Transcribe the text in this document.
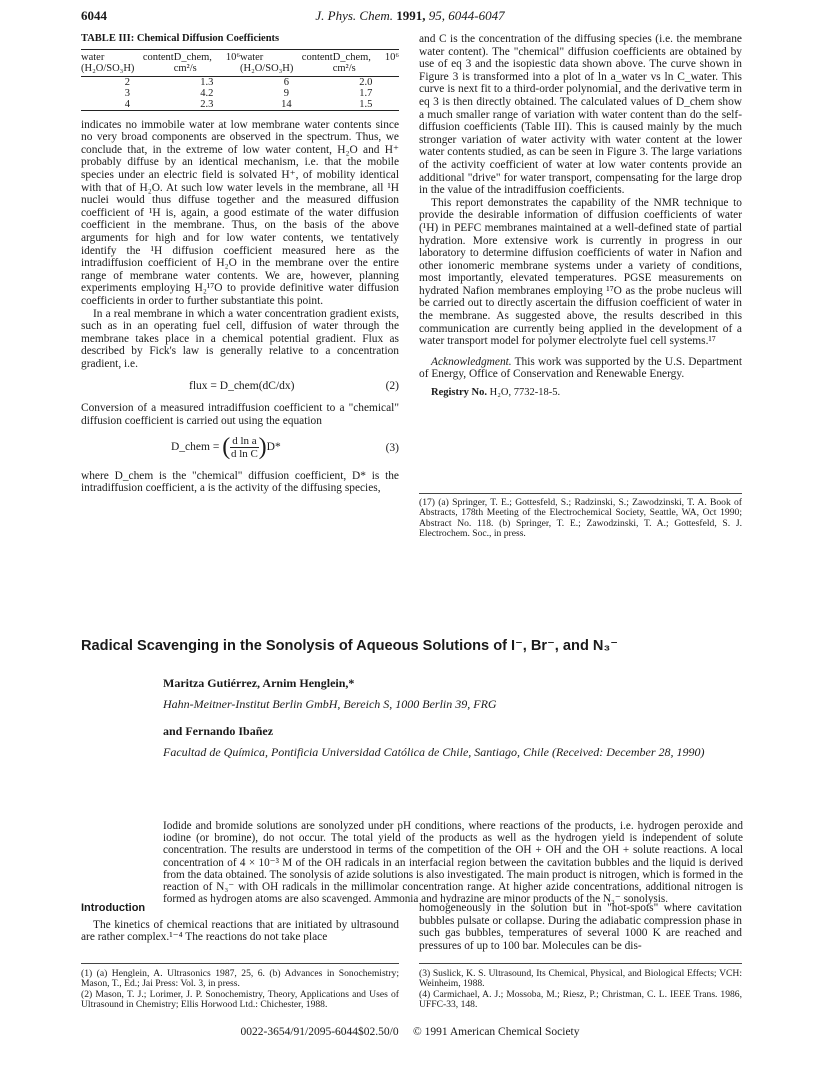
6044	J. Phys. Chem. 1991, 95, 6044-6047
TABLE III: Chemical Diffusion Coefficients
water content (H₂O/SO₃H)	D_chem, 10⁶ cm²/s	water content (H₂O/SO₃H)	D_chem, 10⁶ cm²/s
2	1.3	6	2.0
3	4.2	9	1.7
4	2.3	14	1.5

indicates no immobile water at low membrane water contents since no very broad components are observed in the spectrum. Thus, we conclude that, in the extreme of low water content, H₂O and H⁺ probably diffuse by an identical mechanism, i.e. that the mobile species under an electric field is solvated H⁺, of mobility identical with that of H₂O. At such low water levels in the membrane, all ¹H nuclei would thus diffuse together and the measured diffusion coefficient of ¹H is, again, a good estimate of the water diffusion coefficient in the membrane. Thus, on the basis of the above arguments for high and for low water contents, we tentatively identify the ¹H diffusion coefficient measured here as the intradiffusion coefficient of H₂O in the membrane over the entire range of membrane water contents. We are, however, planning experiments employing H₂¹⁷O to provide definitive water diffusion coefficients in order to further substantiate this point.

In a real membrane in which a water concentration gradient exists, such as in an operating fuel cell, diffusion of water through the membrane takes place in a chemical potential gradient. Flux as described by Fick's law is generally relative to a concentration gradient, i.e.

flux = D_chem(dC/dx)	(2)

Conversion of a measured intradiffusion coefficient to a "chemical" diffusion coefficient is carried out using the equation

D_chem = ( $\frac{\text{d ln a}}{\text{d ln C}} )D*$	(3)

where D_chem is the "chemical" diffusion coefficient, D* is the intradiffusion coefficient, a is the activity of the diffusing species,

and C is the concentration of the diffusing species (i.e. the membrane water content). The "chemical" diffusion coefficients are obtained by use of eq 3 and the isopiestic data shown above. The curve shown in Figure 3 is transformed into a plot of ln a_water vs ln C_water. This curve is next fit to a third-order polynomial, and the derivative term in eq 3 is then directly obtained. The calculated values of D_chem show a much smaller range of variation with water content than do the self-diffusion coefficients (Table III). This is caused mainly by the much stronger variation of water activity with water content at the lower water contents studied, as can be seen in Figure 3. The large variations of the activity coefficient of water at low water contents provide an additional "drive" for water transport, compensating for the large drop in the value of the intradiffusion coefficients.

This report demonstrates the capability of the NMR technique to provide the desirable information of diffusion coefficients of water (¹H) in PEFC membranes maintained at a well-defined state of partial hydration. More extensive work is currently in progress in our laboratory to determine diffusion coefficients of water in Nafion and other ionomeric membrane systems under a variety of conditions, most importantly, elevated temperatures. PGSE measurements on hydrated Nafion membranes employing ¹⁷O as the probe nucleus will be carried out to directly ascertain the diffusion coefficient of water in the membrane. As suggested above, the results described in this communication are currently being applied in the development of a water transport model for polymer electrolyte fuel cell systems.¹⁷

Acknowledgment. This work was supported by the U.S. Department of Energy, Office of Conservation and Renewable Energy.

Registry No. H₂O, 7732-18-5.

(17) (a) Springer, T. E.; Gottesfeld, S.; Radzinski, S.; Zawodzinski, T. A. Book of Abstracts, 178th Meeting of the Electrochemical Society, Seattle, WA, Oct 1990; Abstract No. 118. (b) Springer, T. E.; Zawodzinski, T. A.; Gottesfeld, S. J. Electrochem. Soc., in press.
Radical Scavenging in the Sonolysis of Aqueous Solutions of I⁻, Br⁻, and N₃⁻
Maritza Gutiérrez, Arnim Henglein,*
Hahn-Meitner-Institut Berlin GmbH, Bereich S, 1000 Berlin 39, FRG
and Fernando Ibañez
Facultad de Química, Pontificia Universidad Católica de Chile, Santiago, Chile (Received: December 28, 1990)
Iodide and bromide solutions are sonolyzed under pH conditions, where reactions of the products, i.e. hydrogen peroxide and iodine (or bromine), do not occur. The total yield of the products as well as the hydrogen yield is independent of solute concentration. The results are understood in terms of the competition of the OH + OH and the OH + solute reactions. A local concentration of 4 × 10⁻³ M of the OH radicals in an interfacial region between the cavitation bubbles and the liquid is derived from the data obtained. The sonolysis of azide solutions is also investigated. The main product is nitrogen, which is formed in the reaction of N₃⁻ with OH radicals in the millimolar concentration range. At higher azide concentrations, additional nitrogen is formed as hydrogen atoms are also scavenged. Ammonia and hydrazine are minor products of the N₃⁻ sonolysis.
Introduction

The kinetics of chemical reactions that are initiated by ultrasound are rather complex.¹⁻⁴ The reactions do not take place

homogeneously in the solution but in "hot-spots" where cavitation bubbles pulsate or collapse. During the adiabatic compression phase in such gas bubbles, temperatures of several 1000 K are reached and pressures of up to 100 bar. Molecules can be dis-

(1) (a) Henglein, A. Ultrasonics 1987, 25, 6. (b) Advances in Sonochemistry; Mason, T., Ed.; Jai Press: Vol. 3, in press.
(2) Mason, T. J.; Lorimer, J. P. Sonochemistry, Theory, Applications and Uses of Ultrasound in Chemistry; Ellis Horwood Ltd.: Chichester, 1988.
(3) Suslick, K. S. Ultrasound, Its Chemical, Physical, and Biological Effects; VCH: Weinheim, 1988.
(4) Carmichael, A. J.; Mossoba, M.; Riesz, P.; Christman, C. L. IEEE Trans. 1986, UFFC-33, 148.
0022-3654/91/2095-6044$02.50/0 © 1991 American Chemical Society
